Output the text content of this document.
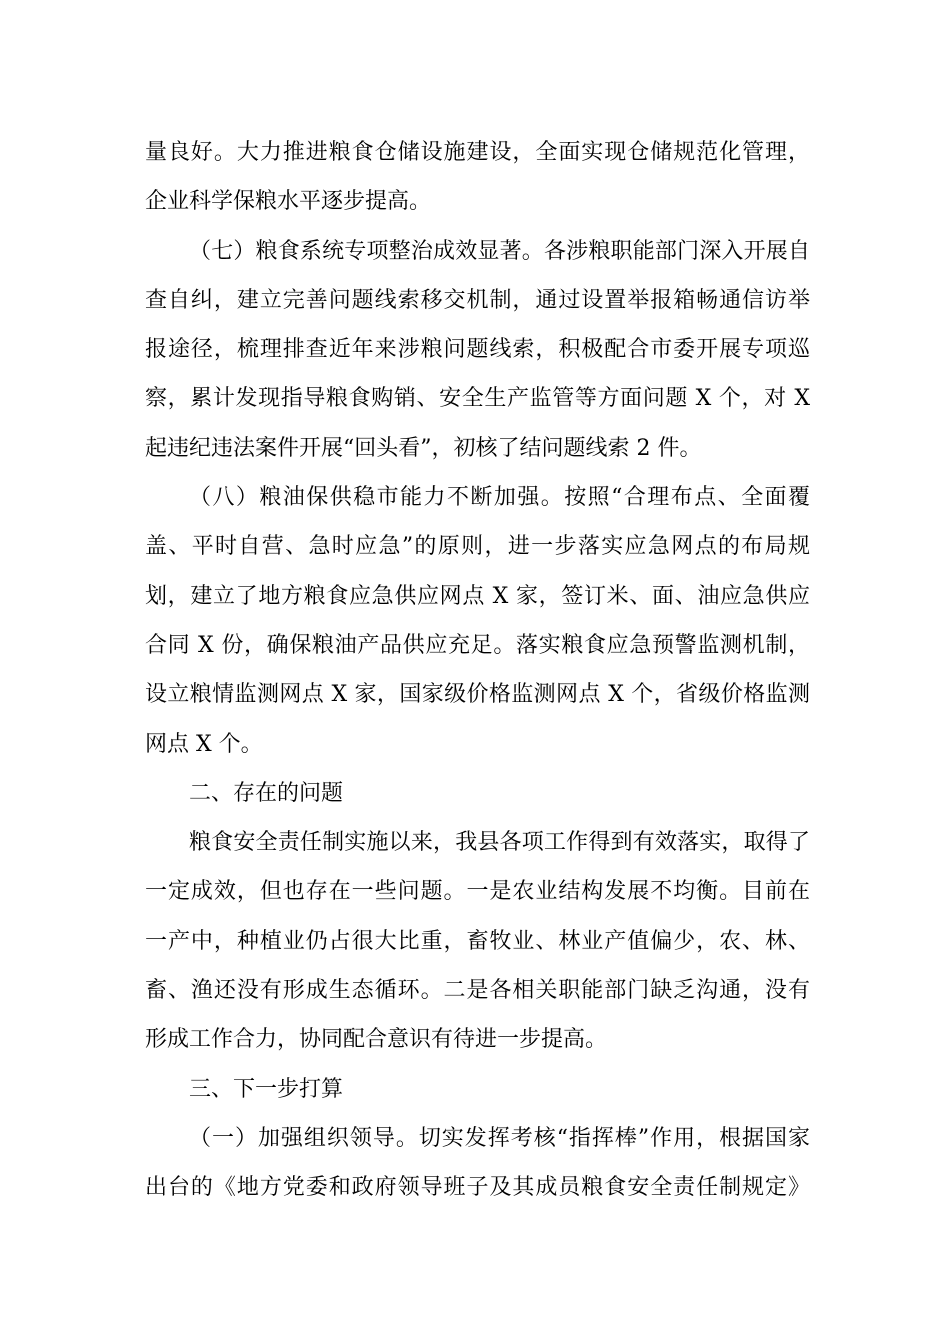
量良好。大力推进粮食仓储设施建设，全面实现仓储规范化管理，
企业科学保粮水平逐步提高。
（七）粮食系统专项整治成效显著。各涉粮职能部门深入开展自
查自纠，建立完善问题线索移交机制，通过设置举报箱畅通信访举
报途径，梳理排查近年来涉粮问题线索，积极配合市委开展专项巡
察，累计发现指导粮食购销、安全生产监管等方面问题 X 个，对 X
起违纪违法案件开展“回头看”，初核了结问题线索 2 件。
（八）粮油保供稳市能力不断加强。按照“合理布点、全面覆
盖、平时自营、急时应急”的原则，进一步落实应急网点的布局规
划，建立了地方粮食应急供应网点 X 家，签订米、面、油应急供应
合同 X 份，确保粮油产品供应充足。落实粮食应急预警监测机制，
设立粮情监测网点 X 家，国家级价格监测网点 X 个，省级价格监测
网点 X 个。
二、存在的问题
粮食安全责任制实施以来，我县各项工作得到有效落实，取得了
一定成效，但也存在一些问题。一是农业结构发展不均衡。目前在
一产中，种植业仍占很大比重，畜牧业、林业产值偏少，农、林、
畜、渔还没有形成生态循环。二是各相关职能部门缺乏沟通，没有
形成工作合力，协同配合意识有待进一步提高。
三、下一步打算
（一）加强组织领导。切实发挥考核“指挥棒”作用，根据国家
出台的《地方党委和政府领导班子及其成员粮食安全责任制规定》
